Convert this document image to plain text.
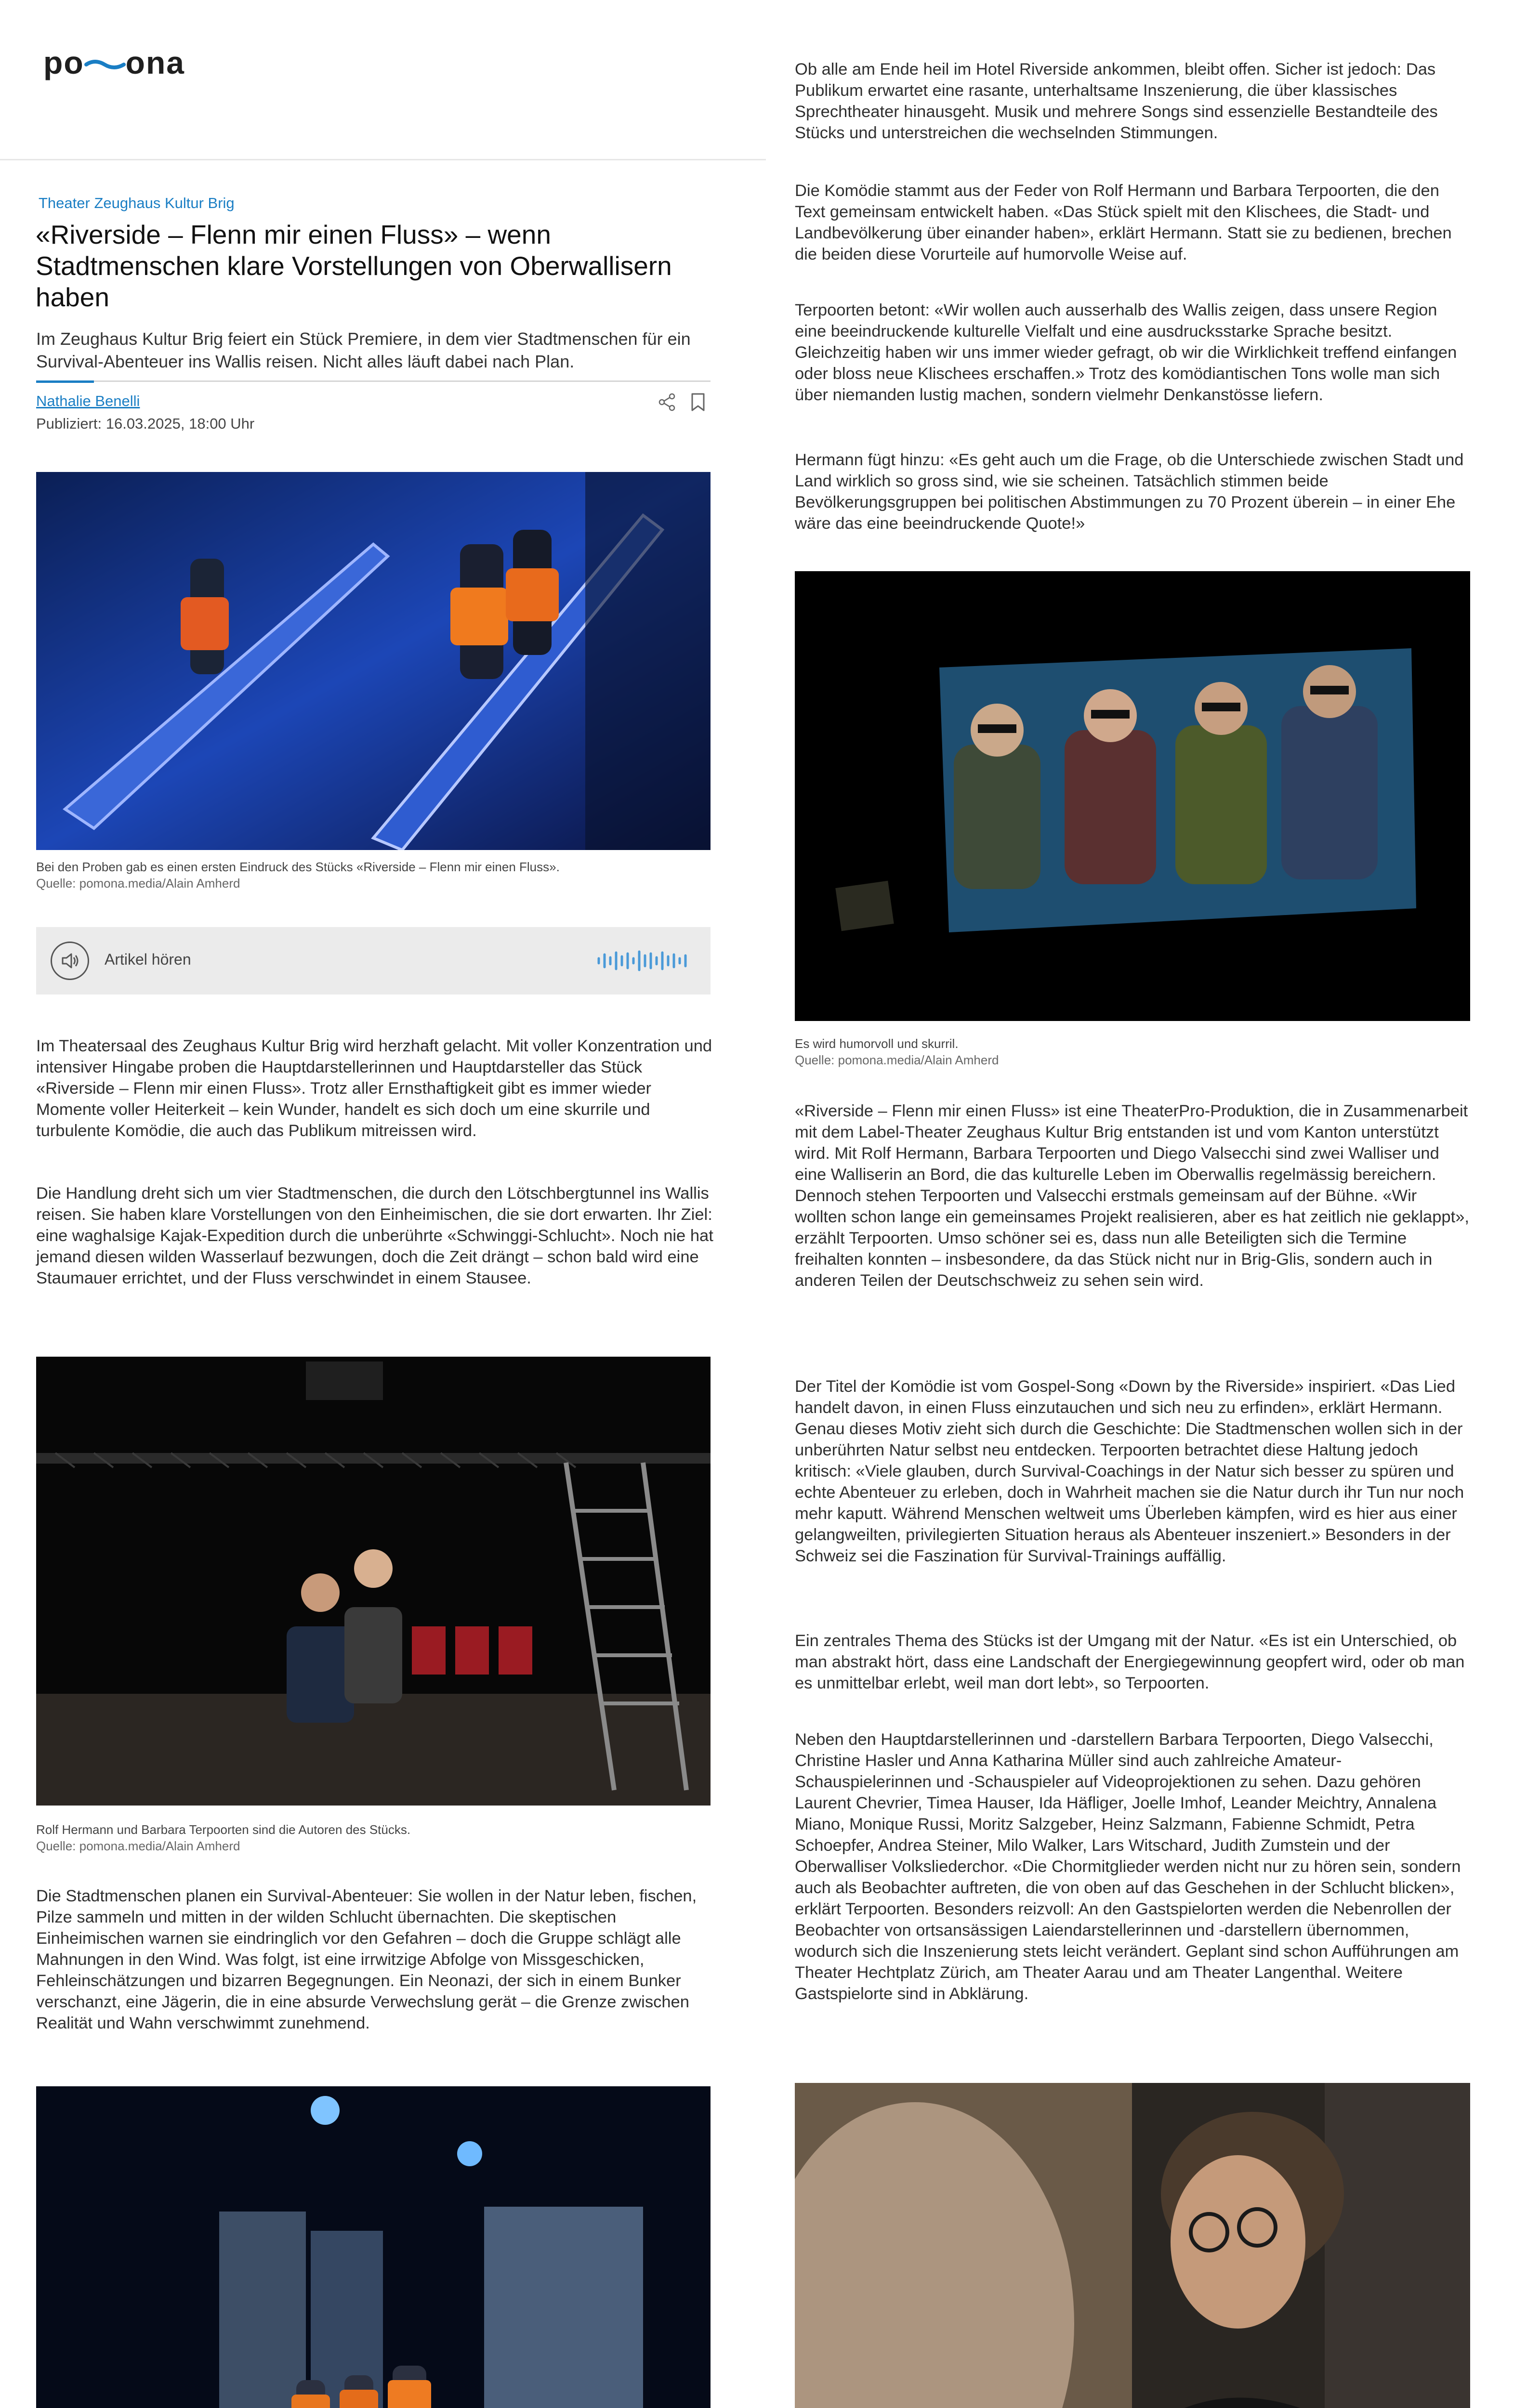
po ona
Theater Zeughaus Kultur Brig
«Riverside – Flenn mir einen Fluss» – wenn Stadtmenschen klare Vorstellungen von Oberwallisern haben

Im Zeughaus Kultur Brig feiert ein Stück Premiere, in dem vier Stadtmenschen für ein Survival-Abenteuer ins Wallis reisen. Nicht alles läuft dabei nach Plan.

Nathalie Benelli
Publiziert: 16.03.2025, 18:00 Uhr
Bei den Proben gab es einen ersten Eindruck des Stücks «Riverside – Flenn mir einen Fluss».
Quelle: pomona.media/Alain Amherd
Artikel hören

Im Theatersaal des Zeughaus Kultur Brig wird herzhaft gelacht. Mit voller Konzentration und intensiver Hingabe proben die Hauptdarstellerinnen und Hauptdarsteller das Stück «Riverside – Flenn mir einen Fluss». Trotz aller Ernsthaftigkeit gibt es immer wieder Momente voller Heiterkeit – kein Wunder, handelt es sich doch um eine skurrile und turbulente Komödie, die auch das Publikum mitreissen wird.

Die Handlung dreht sich um vier Stadtmenschen, die durch den Lötschbergtunnel ins Wallis reisen. Sie haben klare Vorstellungen von den Einheimischen, die sie dort erwarten. Ihr Ziel: eine waghalsige Kajak-Expedition durch die unberührte «Schwinggi-Schlucht». Noch nie hat jemand diesen wilden Wasserlauf bezwungen, doch die Zeit drängt – schon bald wird eine Staumauer errichtet, und der Fluss verschwindet in einem Stausee.

Rolf Hermann und Barbara Terpoorten sind die Autoren des Stücks.
Quelle: pomona.media/Alain Amherd

Die Stadtmenschen planen ein Survival-Abenteuer: Sie wollen in der Natur leben, fischen, Pilze sammeln und mitten in der wilden Schlucht übernachten. Die skeptischen Einheimischen warnen sie eindringlich vor den Gefahren – doch die Gruppe schlägt alle Mahnungen in den Wind. Was folgt, ist eine irrwitzige Abfolge von Missgeschicken, Fehleinschätzungen und bizarren Begegnungen. Ein Neonazi, der sich in einem Bunker verschanzt, eine Jägerin, die in eine absurde Verwechslung gerät – die Grenze zwischen Realität und Wahn verschwimmt zunehmend.

Ob alle am Ende heil im Hotel Riverside ankommen, bleibt offen. Sicher ist jedoch: Das Publikum erwartet eine rasante, unterhaltsame Inszenierung, die über klassisches Sprechtheater hinausgeht. Musik und mehrere Songs sind essenzielle Bestandteile des Stücks und unterstreichen die wechselnden Stimmungen.

Die Komödie stammt aus der Feder von Rolf Hermann und Barbara Terpoorten, die den Text gemeinsam entwickelt haben. «Das Stück spielt mit den Klischees, die Stadt- und Landbevölkerung über einander haben», erklärt Hermann. Statt sie zu bedienen, brechen die beiden diese Vorurteile auf humorvolle Weise auf.

Terpoorten betont: «Wir wollen auch ausserhalb des Wallis zeigen, dass unsere Region eine beeindruckende kulturelle Vielfalt und eine ausdrucksstarke Sprache besitzt. Gleichzeitig haben wir uns immer wieder gefragt, ob wir die Wirklichkeit treffend einfangen oder bloss neue Klischees erschaffen.» Trotz des komödiantischen Tons wolle man sich über niemanden lustig machen, sondern vielmehr Denkanstösse liefern.

Hermann fügt hinzu: «Es geht auch um die Frage, ob die Unterschiede zwischen Stadt und Land wirklich so gross sind, wie sie scheinen. Tatsächlich stimmen beide Bevölkerungsgruppen bei politischen Abstimmungen zu 70 Prozent überein – in einer Ehe wäre das eine beeindruckende Quote!»

Es wird humorvoll und skurril.
Quelle: pomona.media/Alain Amherd

«Riverside – Flenn mir einen Fluss» ist eine TheaterPro-Produktion, die in Zusammenarbeit mit dem Label-Theater Zeughaus Kultur Brig entstanden ist und vom Kanton unterstützt wird. Mit Rolf Hermann, Barbara Terpoorten und Diego Valsecchi sind zwei Walliser und eine Walliserin an Bord, die das kulturelle Leben im Oberwallis regelmässig bereichern. Dennoch stehen Terpoorten und Valsecchi erstmals gemeinsam auf der Bühne. «Wir wollten schon lange ein gemeinsames Projekt realisieren, aber es hat zeitlich nie geklappt», erzählt Terpoorten. Umso schöner sei es, dass nun alle Beteiligten sich die Termine freihalten konnten – insbesondere, da das Stück nicht nur in Brig-Glis, sondern auch in anderen Teilen der Deutschschweiz zu sehen sein wird.

Der Titel der Komödie ist vom Gospel-Song «Down by the Riverside» inspiriert. «Das Lied handelt davon, in einen Fluss einzutauchen und sich neu zu erfinden», erklärt Hermann. Genau dieses Motiv zieht sich durch die Geschichte: Die Stadtmenschen wollen sich in der unberührten Natur selbst neu entdecken. Terpoorten betrachtet diese Haltung jedoch kritisch: «Viele glauben, durch Survival-Coachings in der Natur sich besser zu spüren und echte Abenteuer zu erleben, doch in Wahrheit machen sie die Natur durch ihr Tun nur noch mehr kaputt. Während Menschen weltweit ums Überleben kämpfen, wird es hier aus einer gelangweilten, privilegierten Situation heraus als Abenteuer inszeniert.» Besonders in der Schweiz sei die Faszination für Survival-Trainings auffällig.

Ein zentrales Thema des Stücks ist der Umgang mit der Natur. «Es ist ein Unterschied, ob man abstrakt hört, dass eine Landschaft der Energiegewinnung geopfert wird, oder ob man es unmittelbar erlebt, weil man dort lebt», so Terpoorten.

Neben den Hauptdarstellerinnen und -darstellern Barbara Terpoorten, Diego Valsecchi, Christine Hasler und Anna Katharina Müller sind auch zahlreiche Amateur-Schauspielerinnen und -Schauspieler auf Videoprojektionen zu sehen. Dazu gehören Laurent Chevrier, Timea Hauser, Ida Häfliger, Joelle Imhof, Leander Meichtry, Annalena Miano, Monique Russi, Moritz Salzgeber, Heinz Salzmann, Fabienne Schmidt, Petra Schoepfer, Andrea Steiner, Milo Walker, Lars Witschard, Judith Zumstein und der Oberwalliser Volksliederchor. «Die Chormitglieder werden nicht nur zu hören sein, sondern auch als Beobachter auftreten, die von oben auf das Geschehen in der Schlucht blicken», erklärt Terpoorten. Besonders reizvoll: An den Gastspielorten werden die Nebenrollen der Beobachter von ortsansässigen Laiendarstellerinnen und -darstellern übernommen, wodurch sich die Inszenierung stets leicht verändert. Geplant sind schon Aufführungen am Theater Hechtplatz Zürich, am Theater Aarau und am Theater Langenthal. Weitere Gastspielorte sind in Abklärung.
